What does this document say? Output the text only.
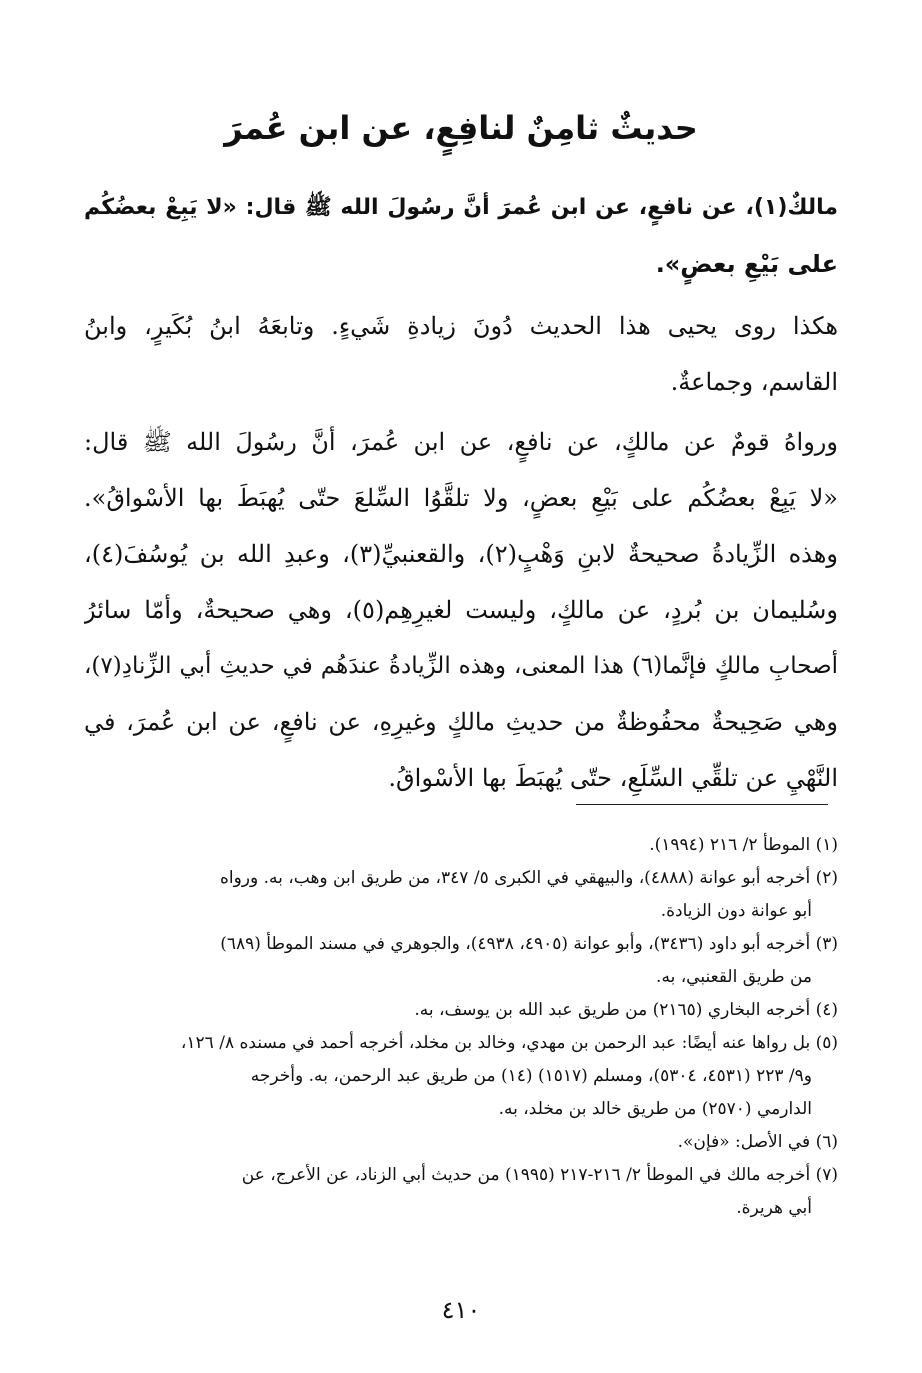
حديثٌ ثامِنٌ لنافِعٍ، عن ابن عُمرَ
مالكٌ(١)، عن نافعٍ، عن ابن عُمرَ أنَّ رسُولَ الله ﷺ قال: «لا يَبِعْ بعضُكُم
على بَيْعِ بعضٍ».
هكذا روى يحيى هذا الحديث دُونَ زيادةِ شَيءٍ. وتابعَهُ ابنُ بُكَيرٍ، وابنُ
القاسم، وجماعةٌ.
ورواهُ قومٌ عن مالكٍ، عن نافعٍ، عن ابن عُمرَ، أنَّ رسُولَ الله ﷺ قال:
«لا يَبِعْ بعضُكُم على بَيْعِ بعضٍ، ولا تلقَّوُا السِّلعَ حتّى يُهبَطَ بها الأسْواقُ».
وهذه الزِّيادةُ صحيحةٌ لابنِ وَهْبٍ(٢)، والقعنبيِّ(٣)، وعبدِ الله بن يُوسُفَ(٤)،
وسُليمان بن بُردٍ، عن مالكٍ، وليست لغيرِهِم(٥)، وهي صحيحةٌ، وأمّا سائرُ
أصحابِ مالكٍ فإنَّما(٦) هذا المعنى، وهذه الزِّيادةُ عندَهُم في حديثِ أبي الزِّنادِ(٧)،
وهي صَحِيحةٌ محفُوظةٌ من حديثِ مالكٍ وغيرِهِ، عن نافعٍ، عن ابن عُمرَ، في
النَّهْيِ عن تلقِّي السِّلَعِ، حتّى يُهبَطَ بها الأسْواقُ.
(١) الموطأ ٢/ ٢١٦ (١٩٩٤).
(٢) أخرجه أبو عوانة (٤٨٨٨)، والبيهقي في الكبرى ٥/ ٣٤٧، من طريق ابن وهب، به. ورواه
أبو عوانة دون الزيادة.
(٣) أخرجه أبو داود (٣٤٣٦)، وأبو عوانة (٤٩٠٥، ٤٩٣٨)، والجوهري في مسند الموطأ (٦٨٩)
من طريق القعنبي، به.
(٤) أخرجه البخاري (٢١٦٥) من طريق عبد الله بن يوسف، به.
(٥) بل رواها عنه أيضًا: عبد الرحمن بن مهدي، وخالد بن مخلد، أخرجه أحمد في مسنده ٨/ ١٢٦،
و٩/ ٢٢٣ (٤٥٣١، ٥٣٠٤)، ومسلم (١٥١٧) (١٤) من طريق عبد الرحمن، به. وأخرجه
الدارمي (٢٥٧٠) من طريق خالد بن مخلد، به.
(٦) في الأصل: «فإن».
(٧) أخرجه مالك في الموطأ ٢/ ٢١٦-٢١٧ (١٩٩٥) من حديث أبي الزناد، عن الأعرج، عن
أبي هريرة.
٤١٠
